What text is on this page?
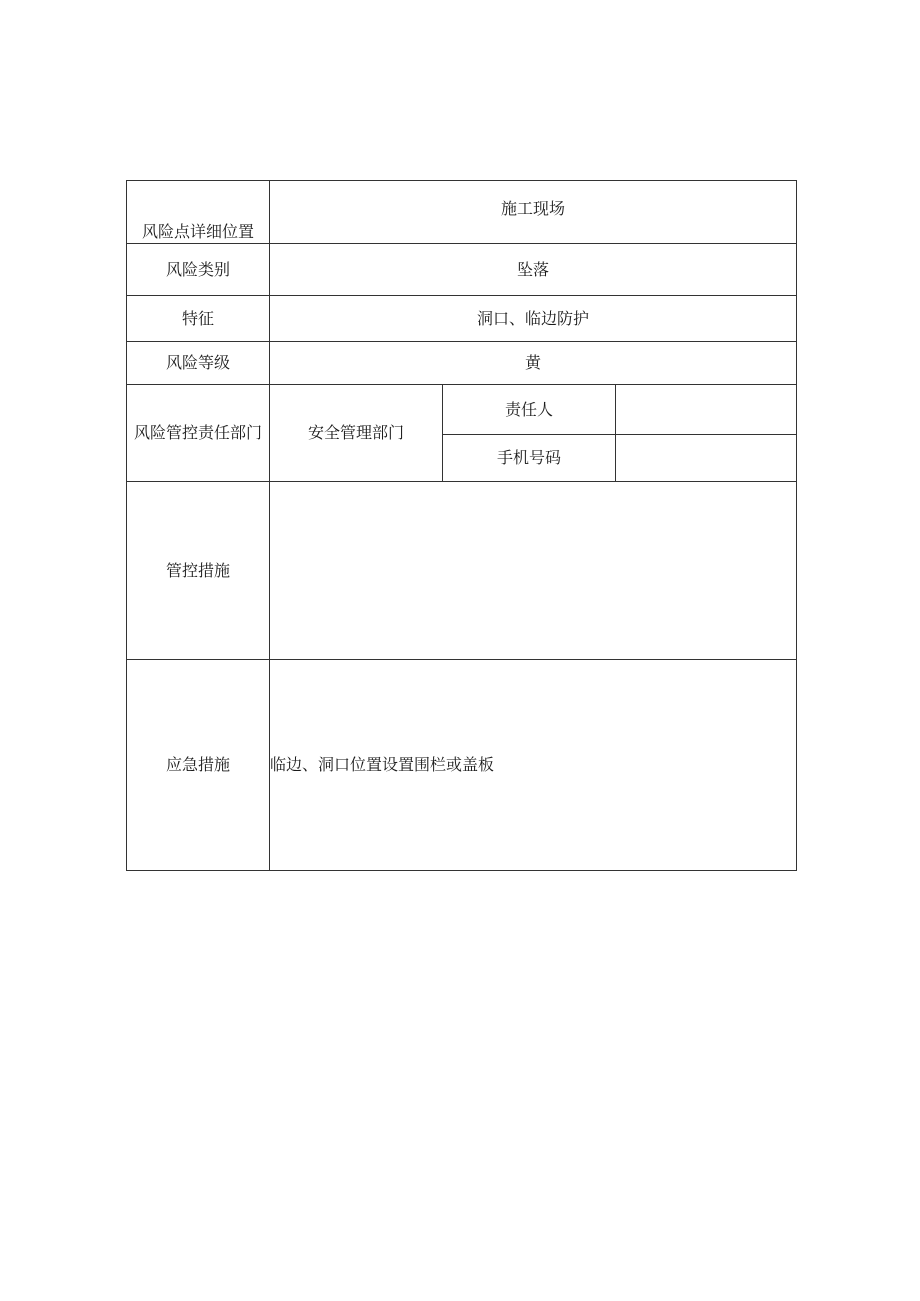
风险点详细位置	施工现场		
风险类别	坠落		
特征	洞口、临边防护		
风险等级	黄		
风险管控责任部门	安全管理部门	责任人	
		手机号码	
管控措施			
应急措施	临边、洞口位置设置围栏或盖板		
